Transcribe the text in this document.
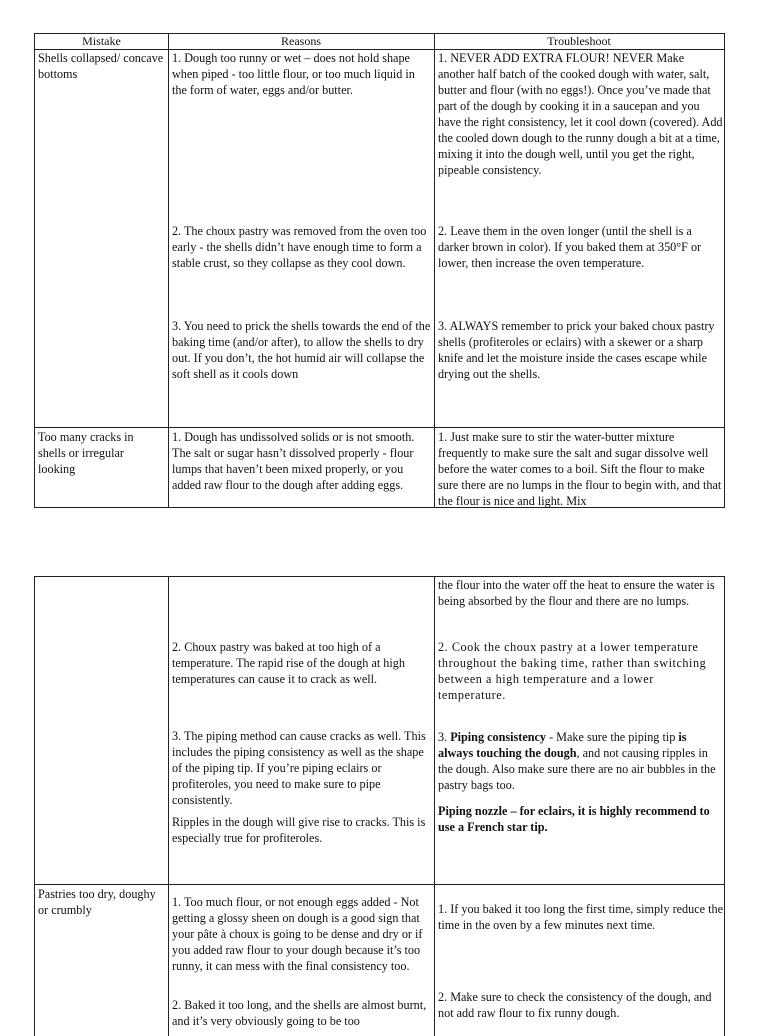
Mistake	Reasons	Troubleshoot

Shells collapsed/ concave bottoms

1. Dough too runny or wet – does not hold shape when piped - too little flour, or too much liquid in the form of water, eggs and/or butter.

1. NEVER ADD EXTRA FLOUR! NEVER Make another half batch of the cooked dough with water, salt, butter and flour (with no eggs!). Once you’ve made that part of the dough by cooking it in a saucepan and you have the right consistency, let it cool down (covered). Add the cooled down dough to the runny dough a bit at a time, mixing it into the dough well, until you get the right, pipeable consistency.

2. The choux pastry was removed from the oven too early - the shells didn’t have enough time to form a stable crust, so they collapse as they cool down.

2. Leave them in the oven longer (until the shell is a darker brown in color). If you baked them at 350°F or lower, then increase the oven temperature.

3. You need to prick the shells towards the end of the baking time (and/or after), to allow the shells to dry out. If you don’t, the hot humid air will collapse the soft shell as it cools down

3. ALWAYS remember to prick your baked choux pastry shells (profiteroles or eclairs) with a skewer or a sharp knife and let the moisture inside the cases escape while drying out the shells.

Too many cracks in shells or irregular looking

1. Dough has undissolved solids or is not smooth. The salt or sugar hasn’t dissolved properly - flour lumps that haven’t been mixed properly, or you added raw flour to the dough after adding eggs.

1. Just make sure to stir the water-butter mixture frequently to make sure the salt and sugar dissolve well before the water comes to a boil. Sift the flour to make sure there are no lumps in the flour to begin with, and that the flour is nice and light. Mix

the flour into the water off the heat to ensure the water is being absorbed by the flour and there are no lumps.

2. Choux pastry was baked at too high of a temperature. The rapid rise of the dough at high temperatures can cause it to crack as well.

2. Cook the choux pastry at a lower temperature throughout the baking time, rather than switching between a high temperature and a lower temperature.

3. The piping method can cause cracks as well. This includes the piping consistency as well as the shape of the piping tip. If you’re piping eclairs or profiteroles, you need to make sure to pipe consistently.

Ripples in the dough will give rise to cracks. This is especially true for profiteroles.

3. Piping consistency - Make sure the piping tip is always touching the dough, and not causing ripples in the dough. Also make sure there are no air bubbles in the pastry bags too.

Piping nozzle – for eclairs, it is highly recommend to use a French star tip.

Pastries too dry, doughy or crumbly

1. Too much flour, or not enough eggs added - Not getting a glossy sheen on dough is a good sign that your pâte à choux is going to be dense and dry or if you added raw flour to your dough because it’s too runny, it can mess with the final consistency too.

1. If you baked it too long the first time, simply reduce the time in the oven by a few minutes next time.

2. Baked it too long, and the shells are almost burnt, and it’s very obviously going to be too

2. Make sure to check the consistency of the dough, and not add raw flour to fix runny dough.
